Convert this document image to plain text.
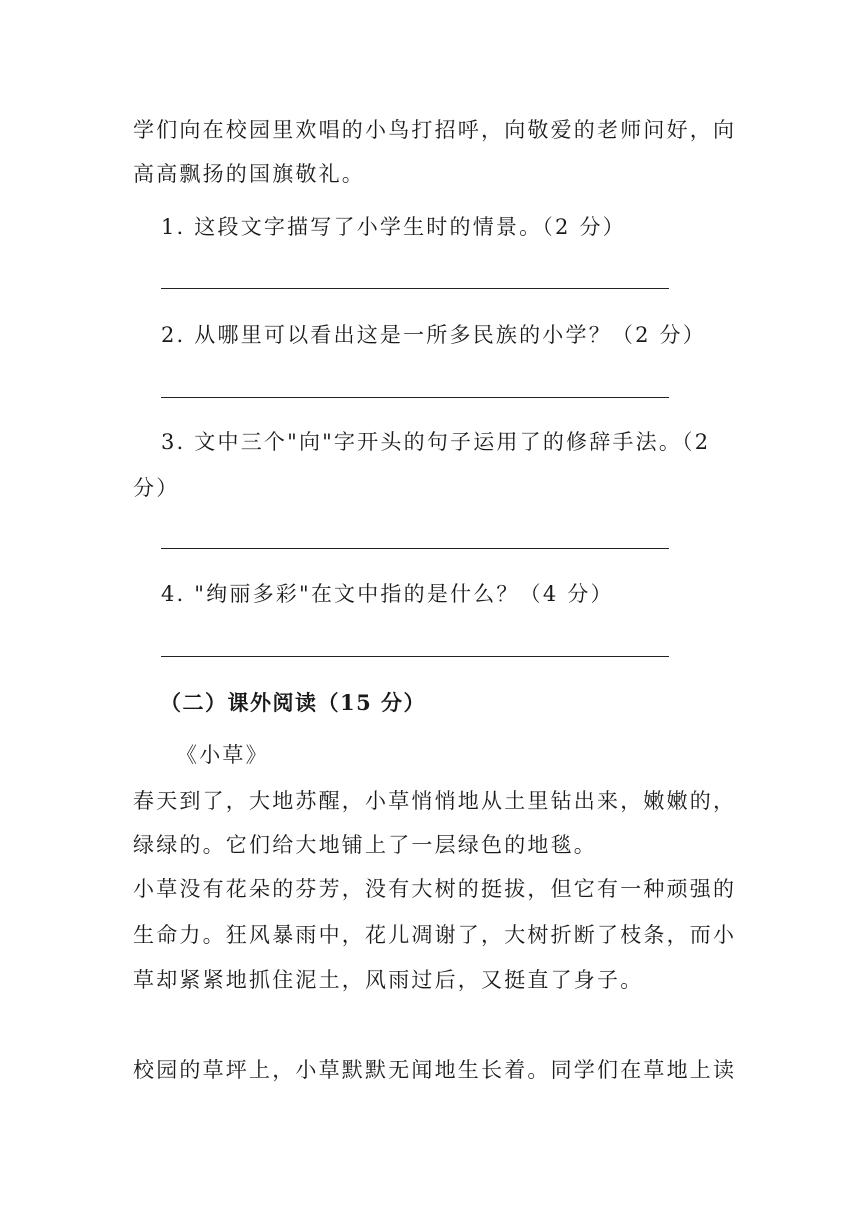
学们向在校园里欢唱的小鸟打招呼，向敬爱的老师问好，向
高高飘扬的国旗敬礼。
1. 这段文字描写了小学生时的情景。（2 分）
2. 从哪里可以看出这是一所多民族的小学？（2 分）
3. 文中三个"向"字开头的句子运用了的修辞手法。（2
分）
4. "绚丽多彩"在文中指的是什么？（4 分）
（二）课外阅读（15 分）
《小草》
春天到了，大地苏醒，小草悄悄地从土里钻出来，嫩嫩的，
绿绿的。它们给大地铺上了一层绿色的地毯。
小草没有花朵的芬芳，没有大树的挺拔，但它有一种顽强的
生命力。狂风暴雨中，花儿凋谢了，大树折断了枝条，而小
草却紧紧地抓住泥土，风雨过后，又挺直了身子。
校园的草坪上，小草默默无闻地生长着。同学们在草地上读
